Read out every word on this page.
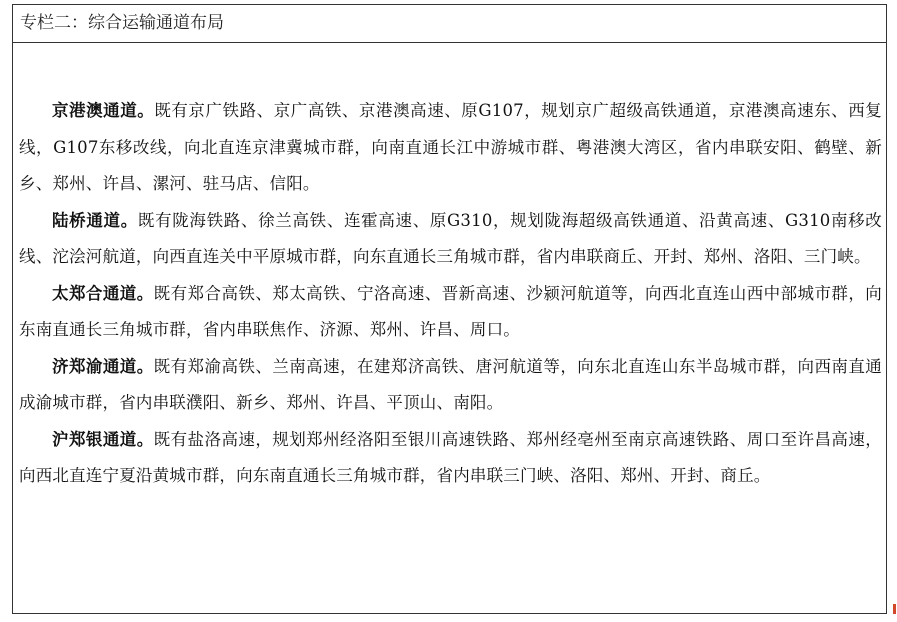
专栏二：综合运输通道布局

京港澳通道。既有京广铁路、京广高铁、京港澳高速、原G107，规划京广超级高铁通道，京港澳高速东、西复线，G107东移改线，向北直连京津冀城市群，向南直通长江中游城市群、粤港澳大湾区，省内串联安阳、鹤壁、新乡、郑州、许昌、漯河、驻马店、信阳。

陆桥通道。既有陇海铁路、徐兰高铁、连霍高速、原G310，规划陇海超级高铁通道、沿黄高速、G310南移改线、沱浍河航道，向西直连关中平原城市群，向东直通长三角城市群，省内串联商丘、开封、郑州、洛阳、三门峡。

太郑合通道。既有郑合高铁、郑太高铁、宁洛高速、晋新高速、沙颍河航道等，向西北直连山西中部城市群，向东南直通长三角城市群，省内串联焦作、济源、郑州、许昌、周口。

济郑渝通道。既有郑渝高铁、兰南高速，在建郑济高铁、唐河航道等，向东北直连山东半岛城市群，向西南直通成渝城市群，省内串联濮阳、新乡、郑州、许昌、平顶山、南阳。

沪郑银通道。既有盐洛高速，规划郑州经洛阳至银川高速铁路、郑州经亳州至南京高速铁路、周口至许昌高速，向西北直连宁夏沿黄城市群，向东南直通长三角城市群，省内串联三门峡、洛阳、郑州、开封、商丘。
